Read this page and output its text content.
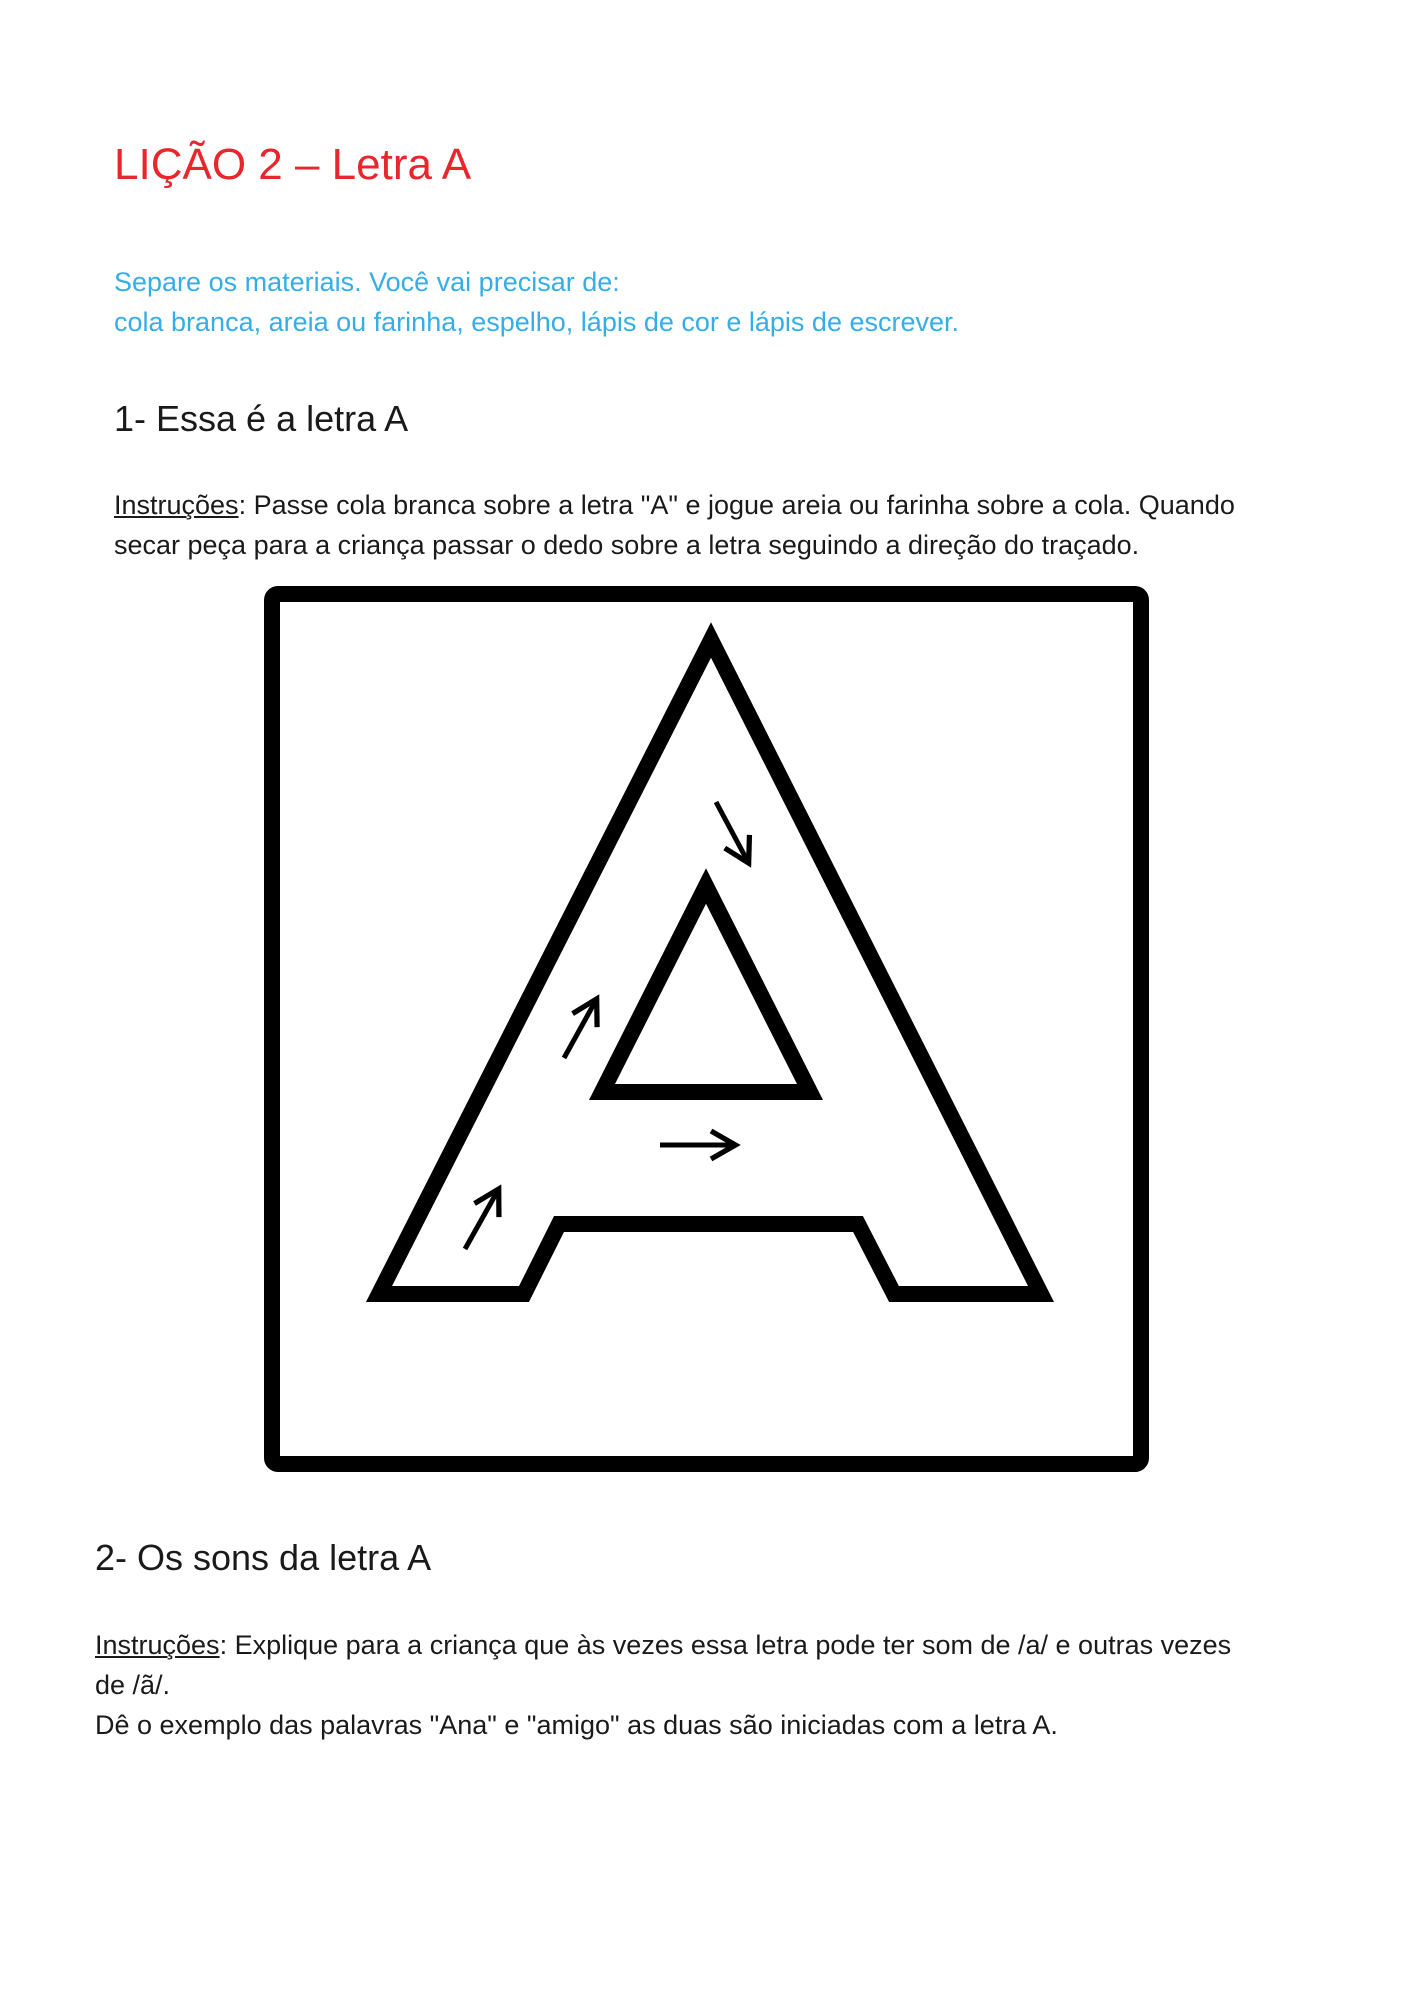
LIÇÃO 2 – Letra A

Separe os materiais. Você vai precisar de:
cola branca, areia ou farinha, espelho, lápis de cor e lápis de escrever.

1- Essa é a letra A

Instruções: Passe cola branca sobre a letra "A" e jogue areia ou farinha sobre a cola. Quando
secar peça para a criança passar o dedo sobre a letra seguindo a direção do traçado.

2- Os sons da letra A

Instruções: Explique para a criança que às vezes essa letra pode ter som de /a/ e outras vezes
de /ã/.
Dê o exemplo das palavras "Ana" e "amigo" as duas são iniciadas com a letra A.
